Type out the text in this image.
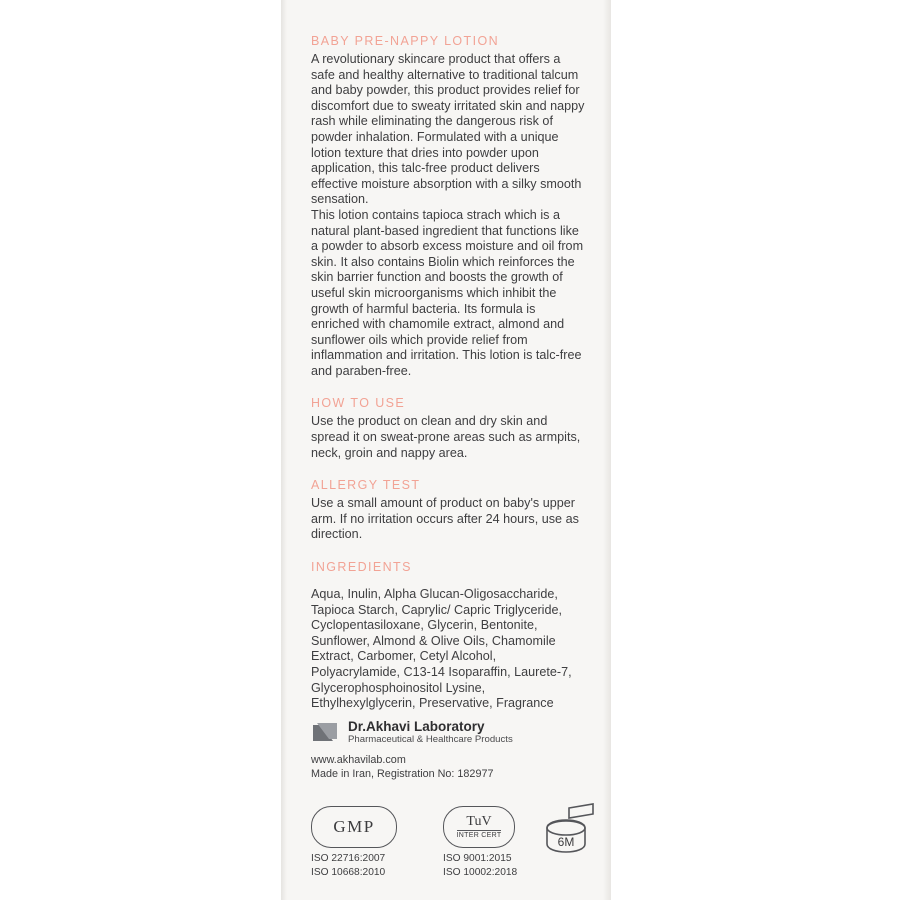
BABY PRE-NAPPY LOTION

A revolutionary skincare product that offers a safe and healthy alternative to traditional talcum and baby powder, this product provides relief for discomfort due to sweaty irritated skin and nappy rash while eliminating the dangerous risk of powder inhalation. Formulated with a unique lotion texture that dries into powder upon application, this talc-free product delivers effective moisture absorption with a silky smooth sensation.

This lotion contains tapioca strach which is a natural plant-based ingredient that functions like a powder to absorb excess moisture and oil from skin. It also contains Biolin which reinforces the skin barrier function and boosts the growth of useful skin microorganisms which inhibit the growth of harmful bacteria. Its formula is enriched with chamomile extract, almond and sunflower oils which provide relief from inflammation and irritation. This lotion is talc-free and paraben-free.

HOW TO USE

Use the product on clean and dry skin and spread it on sweat-prone areas such as armpits, neck, groin and nappy area.

ALLERGY TEST

Use a small amount of product on baby's upper arm. If no irritation occurs after 24 hours, use as direction.

INGREDIENTS

Aqua, Inulin, Alpha Glucan-Oligosaccharide, Tapioca Starch, Caprylic/ Capric Triglyceride, Cyclopentasiloxane, Glycerin, Bentonite, Sunflower, Almond & Olive Oils, Chamomile Extract, Carbomer, Cetyl Alcohol, Polyacrylamide, C13-14 Isoparaffin, Laurete-7, Glycerophosphoinositol Lysine, Ethylhexylglycerin, Preservative, Fragrance

Dr.Akhavi Laboratory
Pharmaceutical & Healthcare Products
www.akhavilab.com
Made in Iran, Registration No: 182977
GMP	TuV
INTER CERT	6M
ISO 22716:2007
ISO 10668:2010
ISO 9001:2015
ISO 10002:2018
